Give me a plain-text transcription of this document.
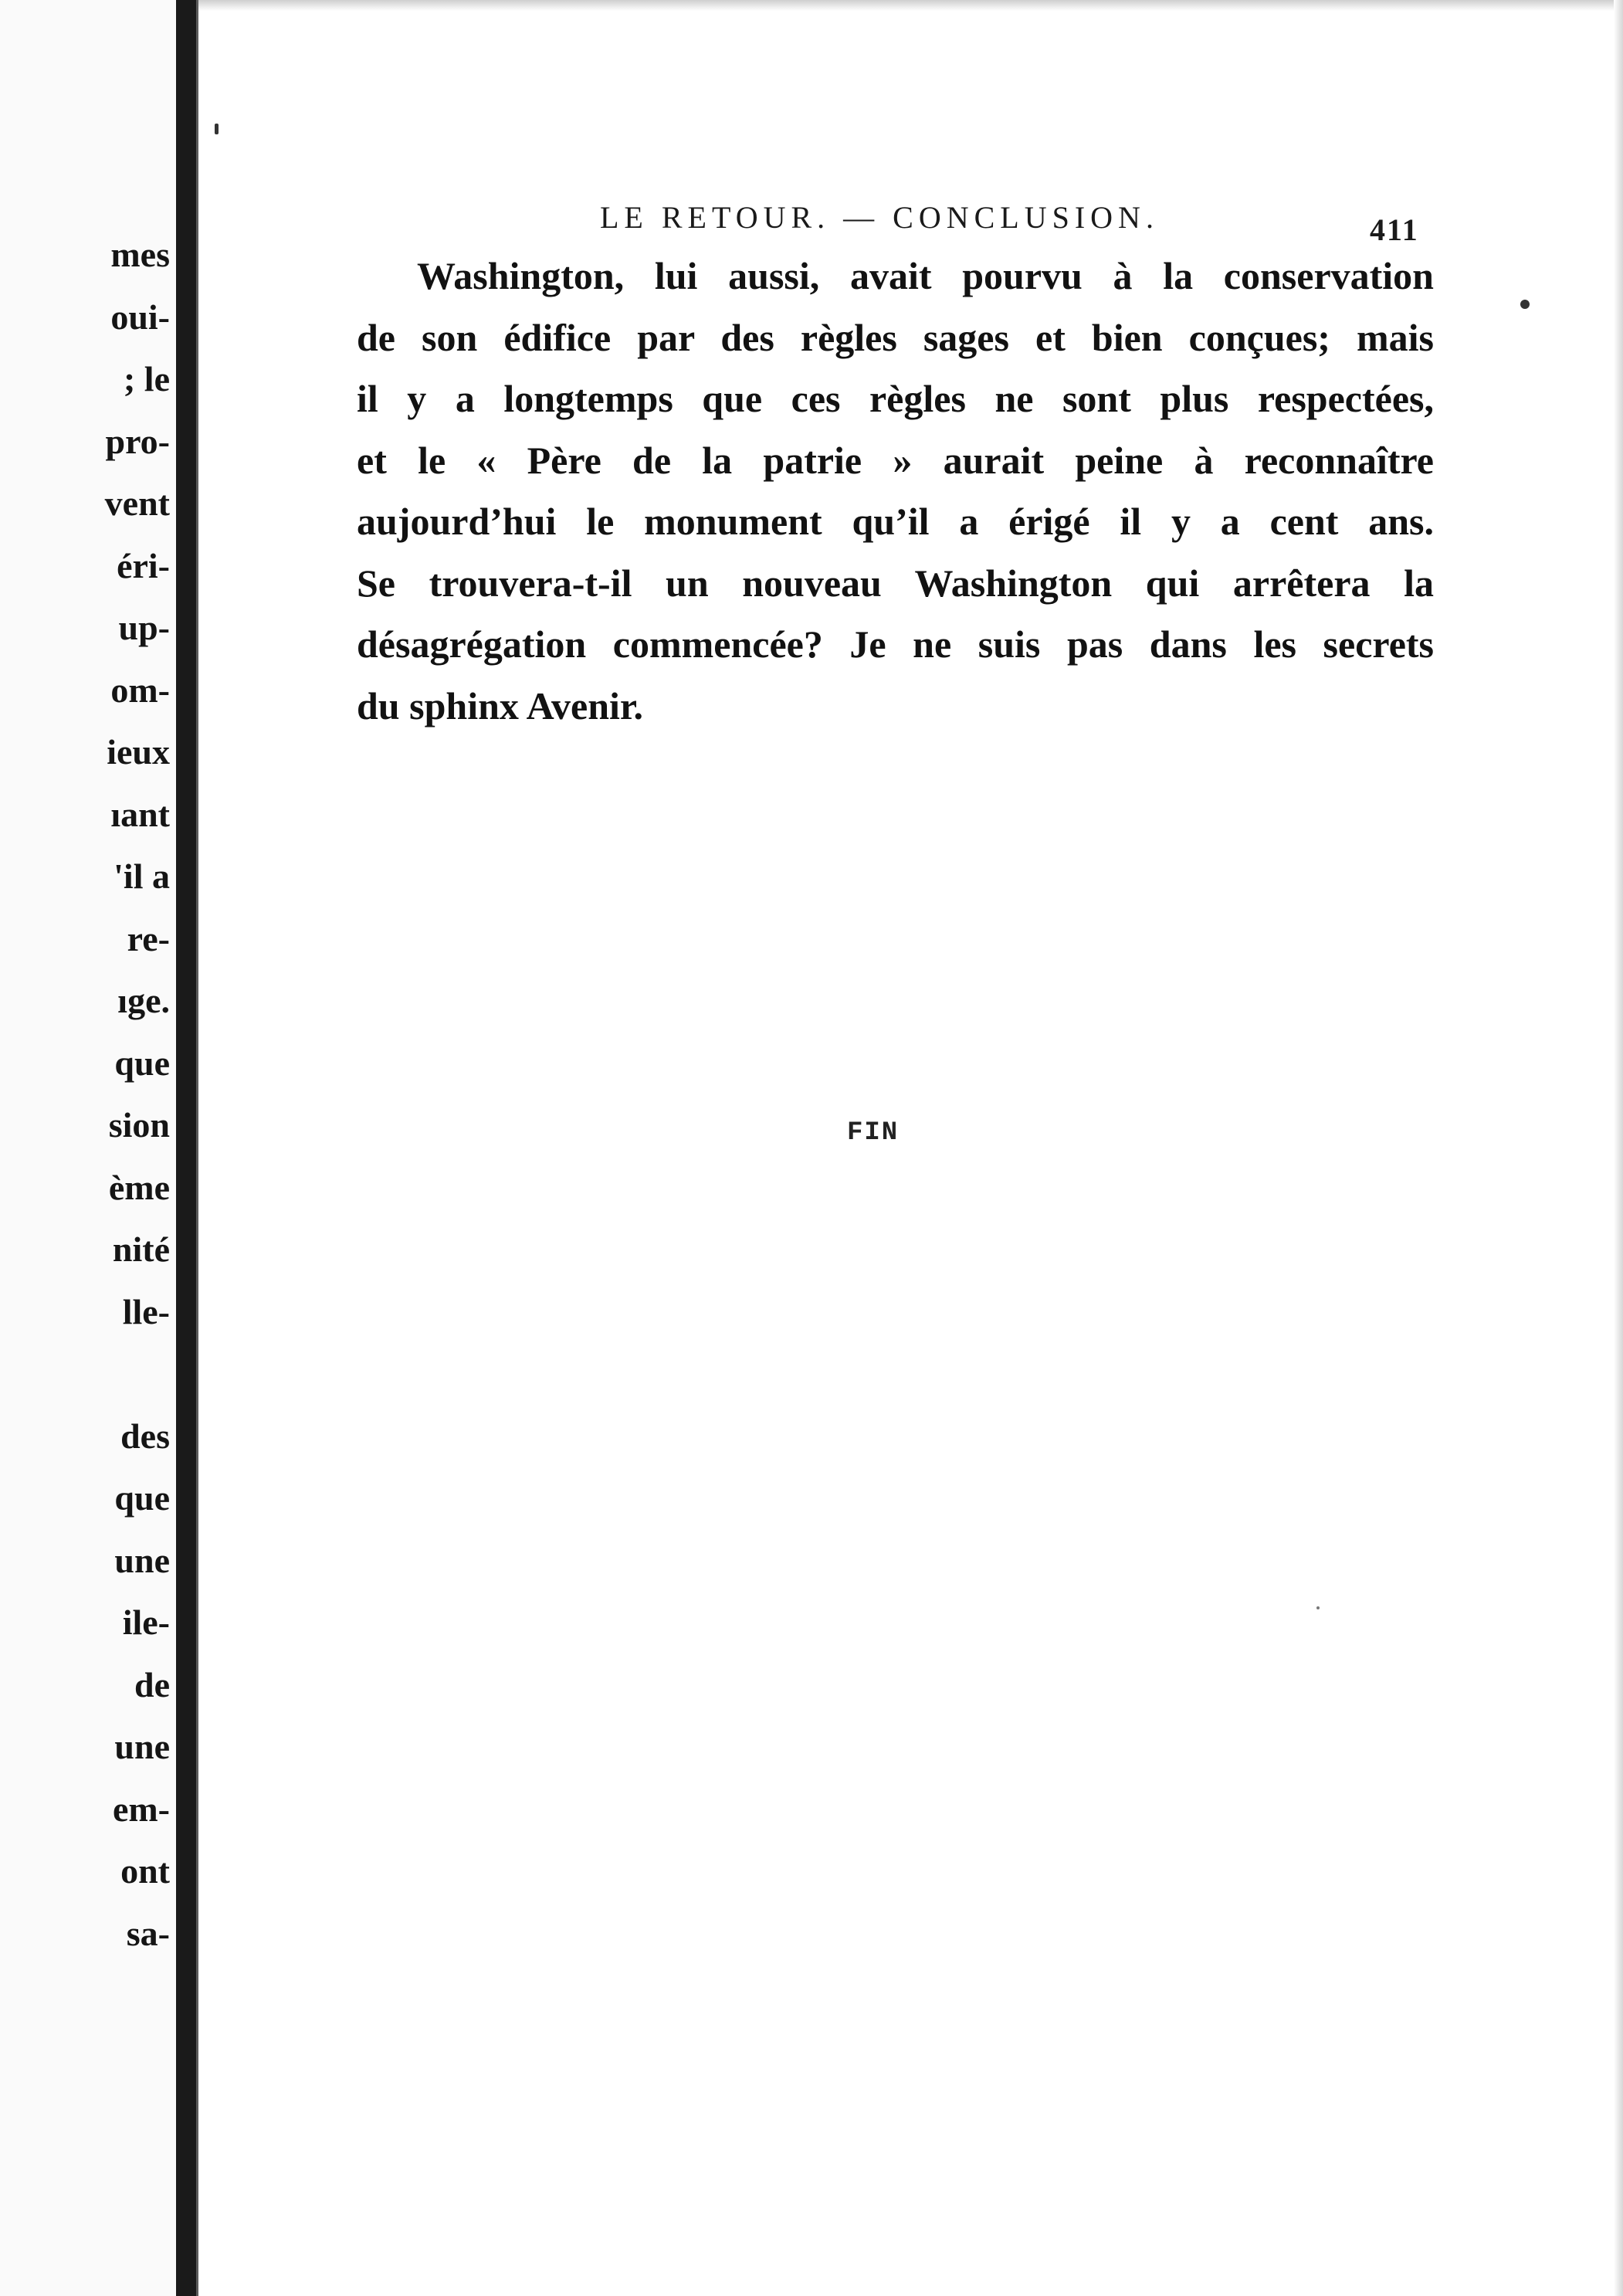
mes
oui-
; le
pro-
vent
éri-
up-
om-
ieux
ıant
'il a
re-
ıge.
que
sion
ème
nité
lle-
des
que
une
ile-
de
une
em-
ont
sa-
LE RETOUR. — CONCLUSION.	411
Washington, lui aussi, avait pourvu à la conservation
de son édifice par des règles sages et bien conçues; mais
il y a longtemps que ces règles ne sont plus respectées,
et le « Père de la patrie » aurait peine à reconnaître
aujourd’hui le monument qu’il a érigé il y a cent ans.
Se trouvera-t-il un nouveau Washington qui arrêtera la
désagrégation commencée? Je ne suis pas dans les secrets
du sphinx Avenir.
FIN
